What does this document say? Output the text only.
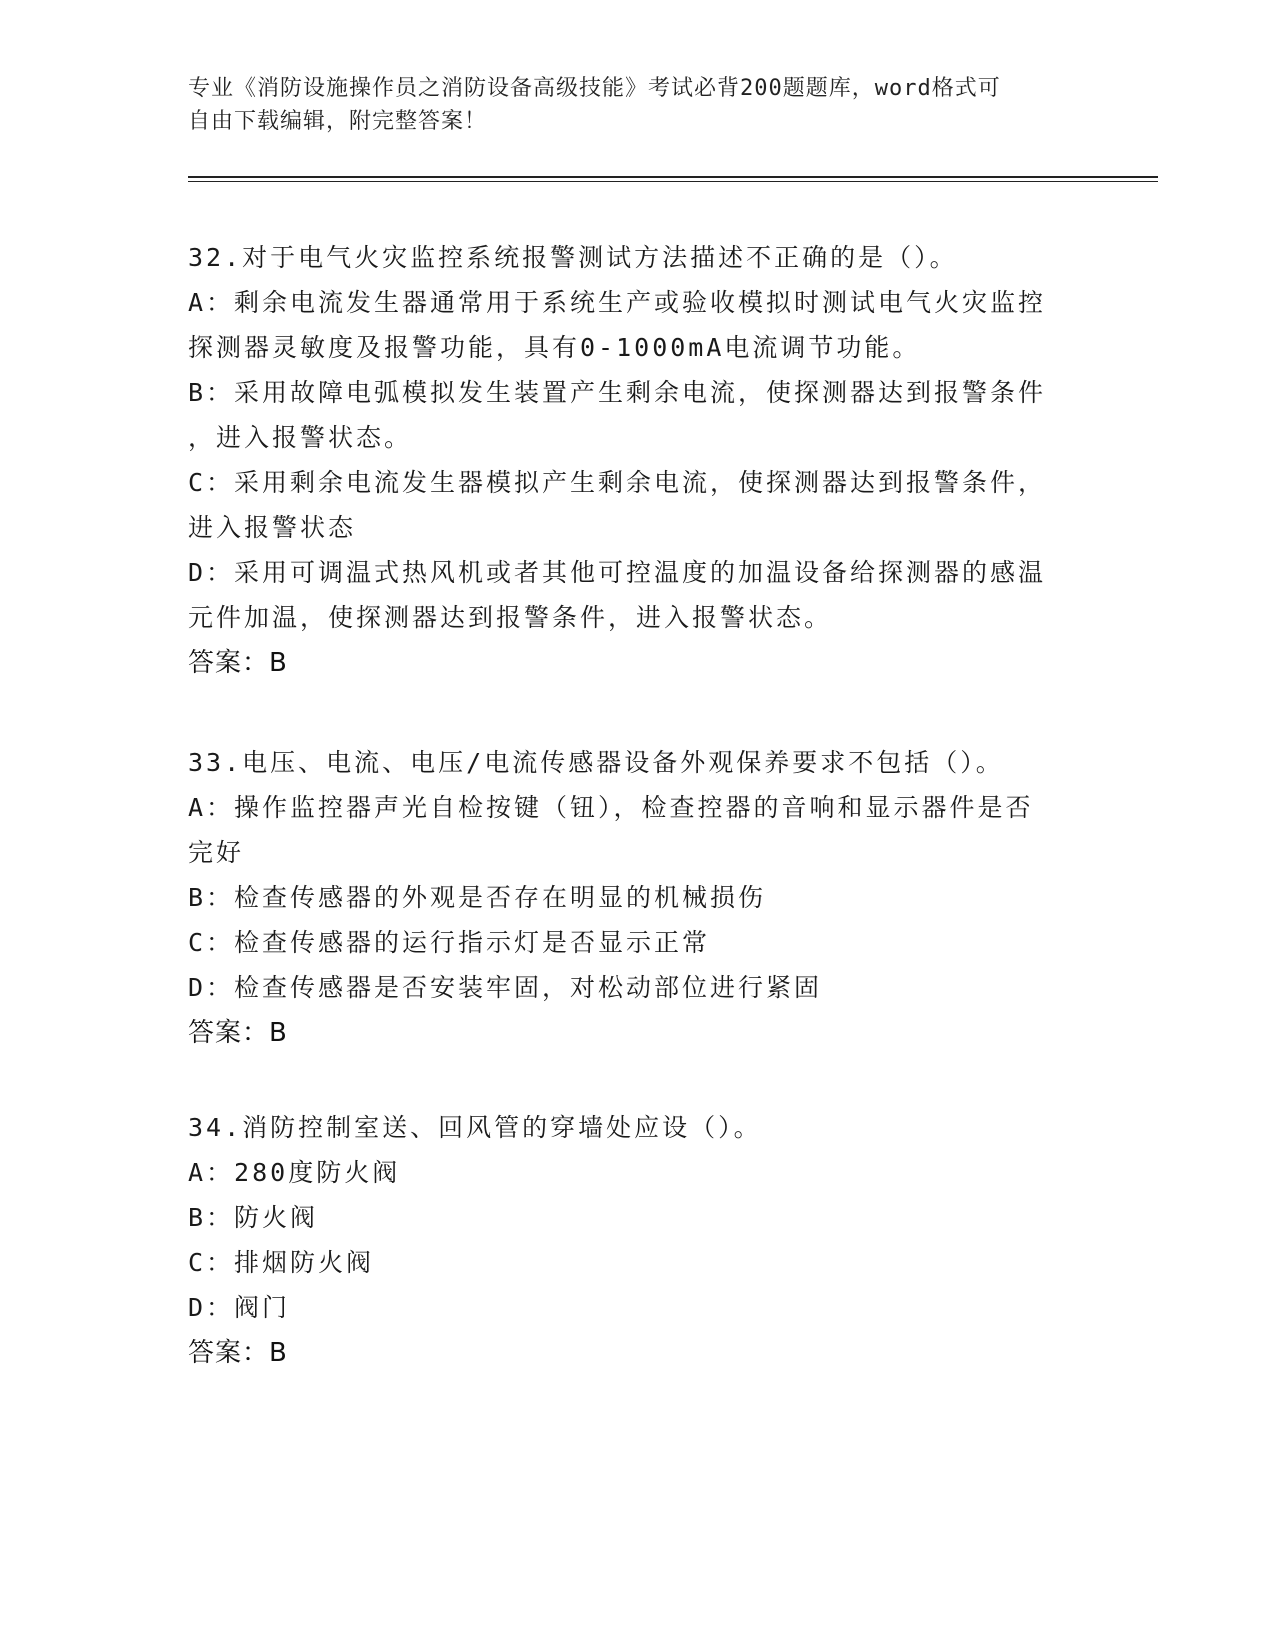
专业《消防设施操作员之消防设备高级技能》考试必背200题题库，word格式可
自由下载编辑，附完整答案！
32.对于电气火灾监控系统报警测试方法描述不正确的是（）。
A：剩余电流发生器通常用于系统生产或验收模拟时测试电气火灾监控
探测器灵敏度及报警功能，具有0-1000mA电流调节功能。
B：采用故障电弧模拟发生装置产生剩余电流，使探测器达到报警条件
，进入报警状态。
C：采用剩余电流发生器模拟产生剩余电流，使探测器达到报警条件，
进入报警状态
D：采用可调温式热风机或者其他可控温度的加温设备给探测器的感温
元件加温，使探测器达到报警条件，进入报警状态。
答案：B
33.电压、电流、电压/电流传感器设备外观保养要求不包括（）。
A：操作监控器声光自检按键（钮），检查控器的音响和显示器件是否
完好
B：检查传感器的外观是否存在明显的机械损伤
C：检查传感器的运行指示灯是否显示正常
D：检查传感器是否安装牢固，对松动部位进行紧固
答案：B
34.消防控制室送、回风管的穿墙处应设（）。
A：280度防火阀
B：防火阀
C：排烟防火阀
D：阀门
答案：B
